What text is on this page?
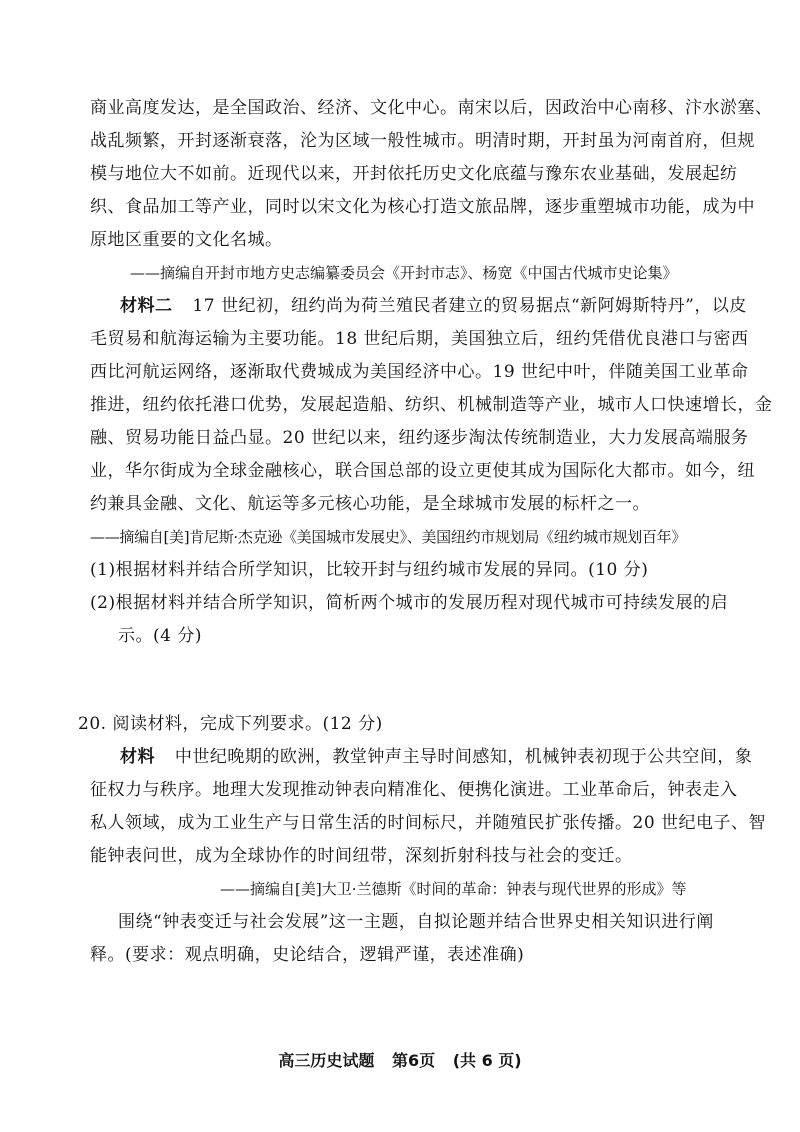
商业高度发达，是全国政治、经济、文化中心。南宋以后，因政治中心南移、汴水淤塞、
战乱频繁，开封逐渐衰落，沦为区域一般性城市。明清时期，开封虽为河南首府，但规
模与地位大不如前。近现代以来，开封依托历史文化底蕴与豫东农业基础，发展起纺
织、食品加工等产业，同时以宋文化为核心打造文旅品牌，逐步重塑城市功能，成为中
原地区重要的文化名城。
——摘编自开封市地方史志编纂委员会《开封市志》、杨宽《中国古代城市史论集》
材料二 17 世纪初，纽约尚为荷兰殖民者建立的贸易据点“新阿姆斯特丹”，以皮
毛贸易和航海运输为主要功能。18 世纪后期，美国独立后，纽约凭借优良港口与密西
西比河航运网络，逐渐取代费城成为美国经济中心。19 世纪中叶，伴随美国工业革命
推进，纽约依托港口优势，发展起造船、纺织、机械制造等产业，城市人口快速增长，金
融、贸易功能日益凸显。20 世纪以来，纽约逐步淘汰传统制造业，大力发展高端服务
业，华尔街成为全球金融核心，联合国总部的设立更使其成为国际化大都市。如今，纽
约兼具金融、文化、航运等多元核心功能，是全球城市发展的标杆之一。
——摘编自[美]肯尼斯·杰克逊《美国城市发展史》、美国纽约市规划局《纽约城市规划百年》
(1)根据材料并结合所学知识，比较开封与纽约城市发展的异同。(10 分)
(2)根据材料并结合所学知识，简析两个城市的发展历程对现代城市可持续发展的启
示。(4 分)
20. 阅读材料，完成下列要求。(12 分)
材料 中世纪晚期的欧洲，教堂钟声主导时间感知，机械钟表初现于公共空间，象
征权力与秩序。地理大发现推动钟表向精准化、便携化演进。工业革命后，钟表走入
私人领域，成为工业生产与日常生活的时间标尺，并随殖民扩张传播。20 世纪电子、智
能钟表问世，成为全球协作的时间纽带，深刻折射科技与社会的变迁。
——摘编自[美]大卫·兰德斯《时间的革命：钟表与现代世界的形成》等
围绕“钟表变迁与社会发展”这一主题，自拟论题并结合世界史相关知识进行阐
释。(要求：观点明确，史论结合，逻辑严谨，表述准确)
高三历史试题 第6页 (共 6 页)
